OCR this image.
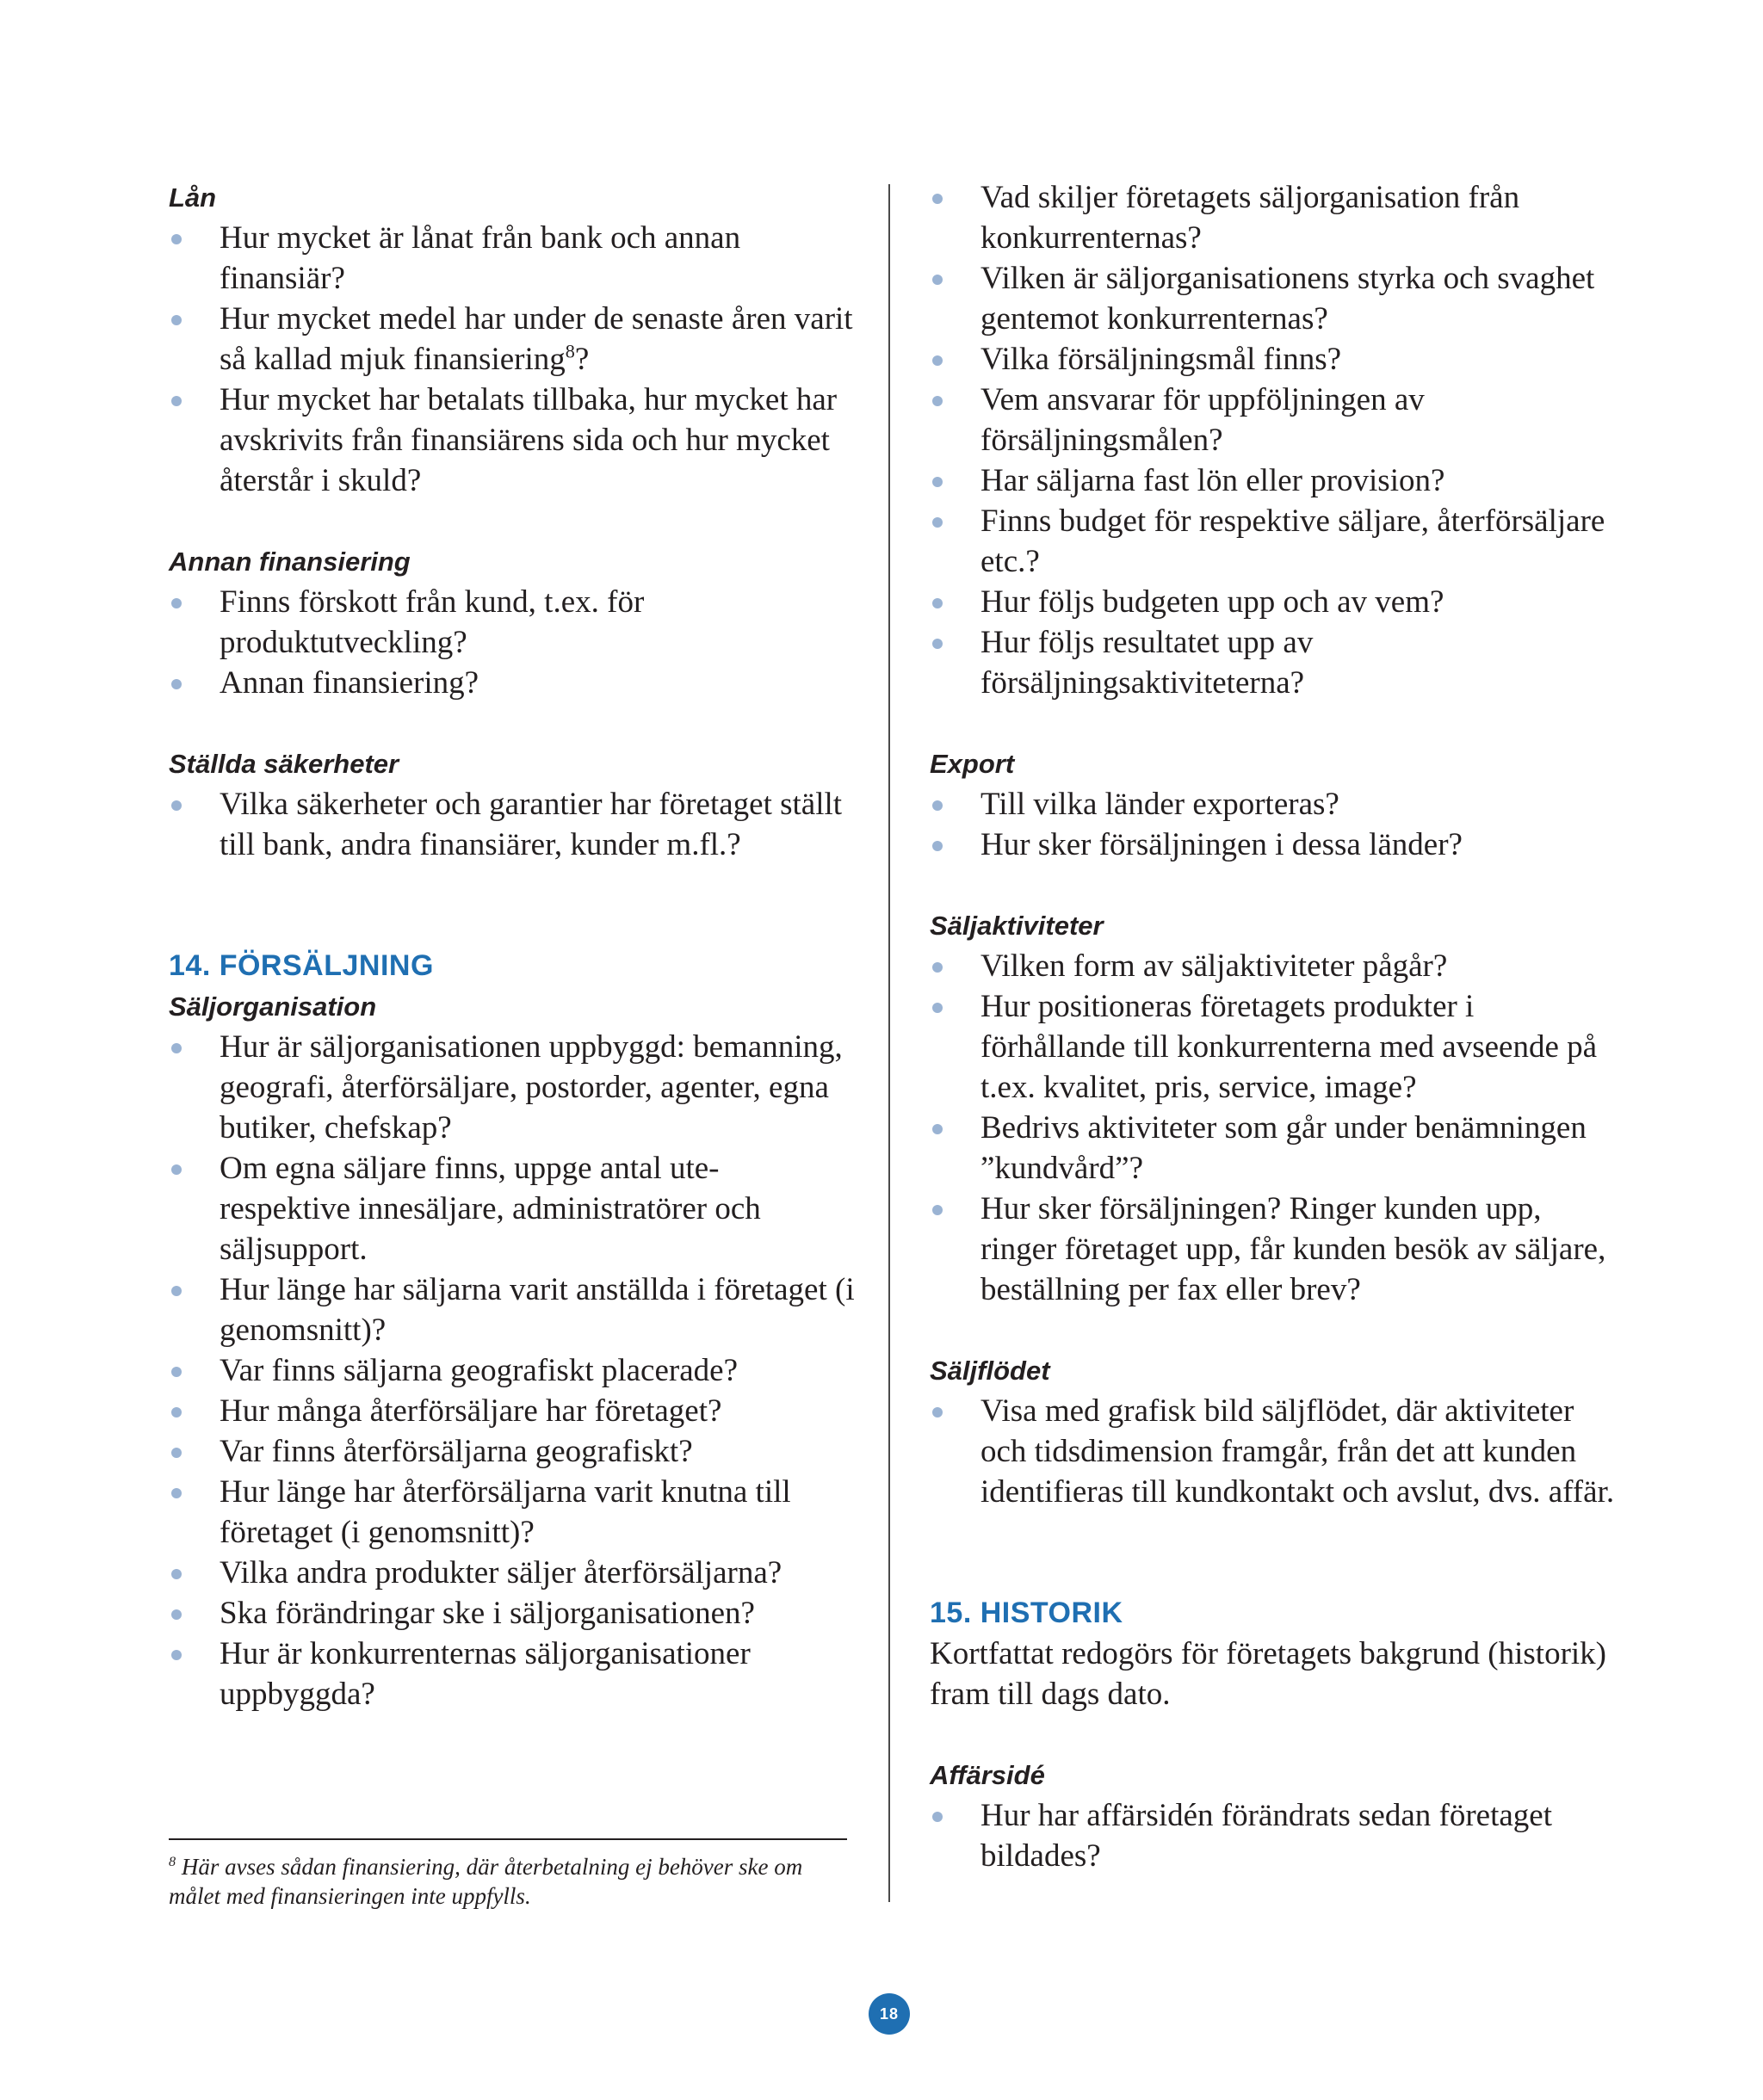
Lån
Hur mycket är lånat från bank och annan finansiär?
Hur mycket medel har under de senaste åren varit så kallad mjuk finansiering$^8$?
Hur mycket har betalats tillbaka, hur mycket har avskrivits från finansiärens sida och hur mycket återstår i skuld?
Annan finansiering
Finns förskott från kund, t.ex. för produktutveckling?
Annan finansiering?
Ställda säkerheter
Vilka säkerheter och garantier har företaget ställt till bank, andra finansiärer, kunder m.fl.?
14. FÖRSÄLJNING
Säljorganisation
Hur är säljorganisationen uppbyggd: bemanning, geografi, återförsäljare, postorder, agenter, egna butiker, chefskap?
Om egna säljare finns, uppge antal ute- respektive innesäljare, administratörer och säljsupport.
Hur länge har säljarna varit anställda i företaget (i genomsnitt)?
Var finns säljarna geografiskt placerade?
Hur många återförsäljare har företaget?
Var finns återförsäljarna geografiskt?
Hur länge har återförsäljarna varit knutna till företaget (i genomsnitt)?
Vilka andra produkter säljer återförsäljarna?
Ska förändringar ske i säljorganisationen?
Hur är konkurrenternas säljorganisationer uppbyggda?
Vad skiljer företagets säljorganisation från konkurrenternas?
Vilken är säljorganisationens styrka och svaghet gentemot konkurrenternas?
Vilka försäljningsmål finns?
Vem ansvarar för uppföljningen av försäljningsmålen?
Har säljarna fast lön eller provision?
Finns budget för respektive säljare, återförsäljare etc.?
Hur följs budgeten upp och av vem?
Hur följs resultatet upp av försäljningsaktiviteterna?
Export
Till vilka länder exporteras?
Hur sker försäljningen i dessa länder?
Säljaktiviteter
Vilken form av säljaktiviteter pågår?
Hur positioneras företagets produkter i förhållande till konkurrenterna med avseende på t.ex. kvalitet, pris, service, image?
Bedrivs aktiviteter som går under benämningen ”kundvård”?
Hur sker försäljningen? Ringer kunden upp, ringer företaget upp, får kunden besök av säljare, beställning per fax eller brev?
Säljflödet
Visa med grafisk bild säljflödet, där aktiviteter och tidsdimension framgår, från det att kunden identifieras till kundkontakt och avslut, dvs. affär.
15. HISTORIK

Kortfattat redogörs för företagets bakgrund (historik) fram till dags dato.

Affärsidé
Hur har affärsidén förändrats sedan företaget bildades?

$^8$ Här avses sådan finansiering, där återbetalning ej behöver ske om målet med finansieringen inte uppfylls.

18
